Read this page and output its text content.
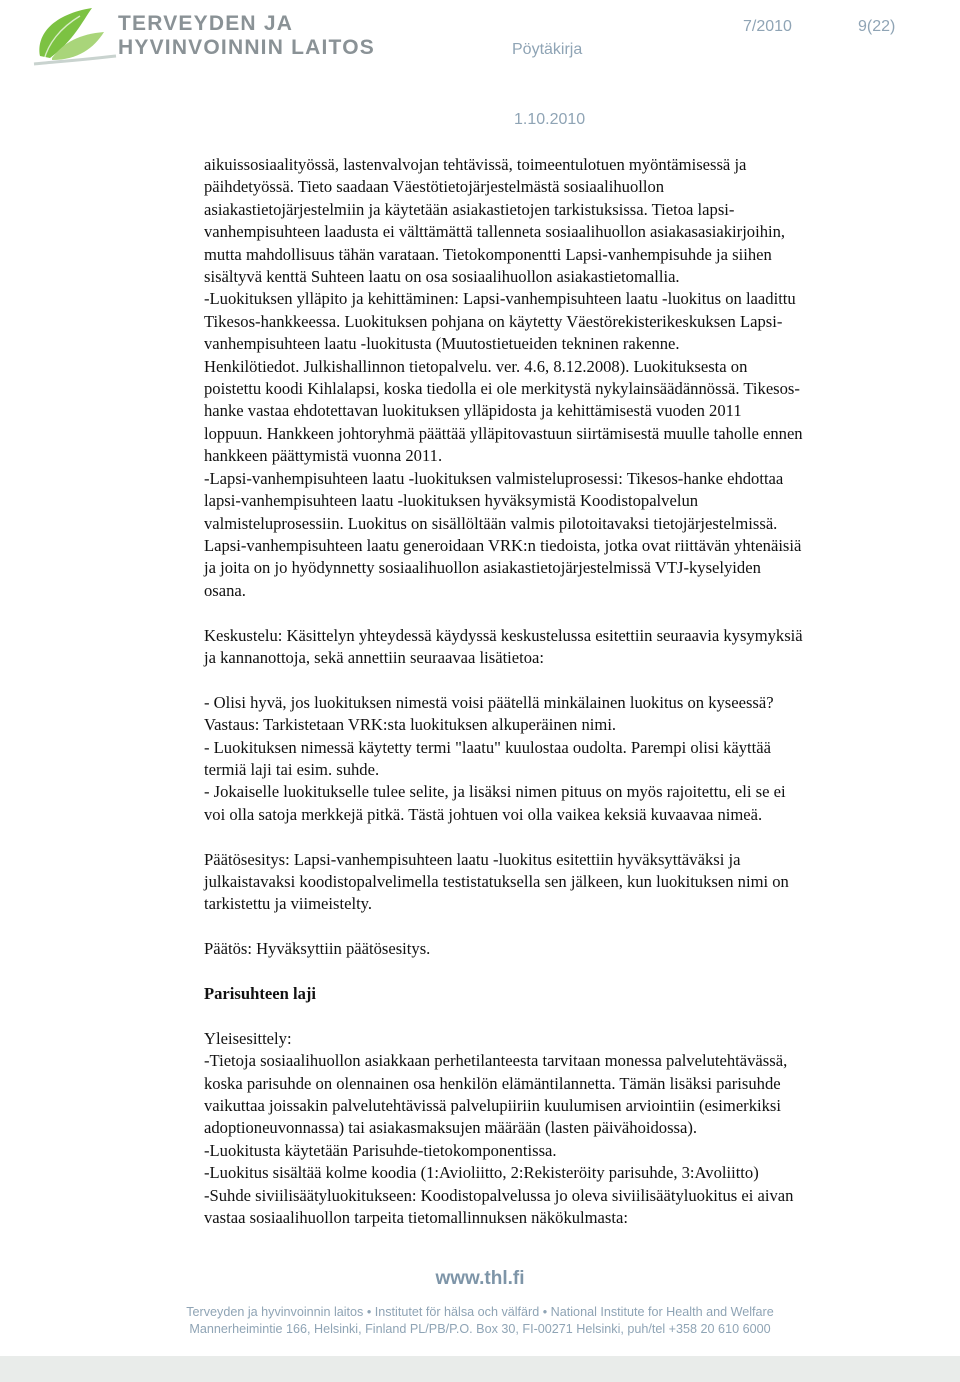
TERVEYDEN JA
HYVINVOINNIN LAITOS	Pöytäkirja
7/2010	9(22)
1.10.2010

aikuissosiaalityössä, lastenvalvojan tehtävissä, toimeentulotuen myöntämisessä ja

päihdetyössä. Tieto saadaan Väestötietojärjestelmästä sosiaalihuollon

asiakastietojärjestelmiin ja käytetään asiakastietojen tarkistuksissa. Tietoa lapsi-

vanhempisuhteen laadusta ei välttämättä tallenneta sosiaalihuollon asiakasasiakirjoihin,

mutta mahdollisuus tähän varataan. Tietokomponentti Lapsi-vanhempisuhde ja siihen

sisältyvä kenttä Suhteen laatu on osa sosiaalihuollon asiakastietomallia.

-Luokituksen ylläpito ja kehittäminen: Lapsi-vanhempisuhteen laatu -luokitus on laadittu

Tikesos-hankkeessa. Luokituksen pohjana on käytetty Väestörekisterikeskuksen Lapsi-

vanhempisuhteen laatu -luokitusta (Muutostietueiden tekninen rakenne.

Henkilötiedot. Julkishallinnon tietopalvelu. ver. 4.6, 8.12.2008). Luokituksesta on

poistettu koodi Kihlalapsi, koska tiedolla ei ole merkitystä nykylainsäädännössä. Tikesos-

hanke vastaa ehdotettavan luokituksen ylläpidosta ja kehittämisestä vuoden 2011

loppuun. Hankkeen johtoryhmä päättää ylläpitovastuun siirtämisestä muulle taholle ennen

hankkeen päättymistä vuonna 2011.

-Lapsi-vanhempisuhteen laatu -luokituksen valmisteluprosessi: Tikesos-hanke ehdottaa

lapsi-vanhempisuhteen laatu -luokituksen hyväksymistä Koodistopalvelun

valmisteluprosessiin. Luokitus on sisällöltään valmis pilotoitavaksi tietojärjestelmissä.

Lapsi-vanhempisuhteen laatu generoidaan VRK:n tiedoista, jotka ovat riittävän yhtenäisiä

ja joita on jo hyödynnetty sosiaalihuollon asiakastietojärjestelmissä VTJ-kyselyiden

osana.

Keskustelu: Käsittelyn yhteydessä käydyssä keskustelussa esitettiin seuraavia kysymyksiä

ja kannanottoja, sekä annettiin seuraavaa lisätietoa:

- Olisi hyvä, jos luokituksen nimestä voisi päätellä minkälainen luokitus on kyseessä?

Vastaus: Tarkistetaan VRK:sta luokituksen alkuperäinen nimi.

- Luokituksen nimessä käytetty termi "laatu" kuulostaa oudolta. Parempi olisi käyttää

termiä laji tai esim. suhde.

- Jokaiselle luokitukselle tulee selite, ja lisäksi nimen pituus on myös rajoitettu, eli se ei

voi olla satoja merkkejä pitkä. Tästä johtuen voi olla vaikea keksiä kuvaavaa nimeä.

Päätösesitys: Lapsi-vanhempisuhteen laatu -luokitus esitettiin hyväksyttäväksi ja

julkaistavaksi koodistopalvelimella testistatuksella sen jälkeen, kun luokituksen nimi on

tarkistettu ja viimeistelty.

Päätös: Hyväksyttiin päätösesitys.

Parisuhteen laji

Yleisesittely:

-Tietoja sosiaalihuollon asiakkaan perhetilanteesta tarvitaan monessa palvelutehtävässä,

koska parisuhde on olennainen osa henkilön elämäntilannetta. Tämän lisäksi parisuhde

vaikuttaa joissakin palvelutehtävissä palvelupiiriin kuulumisen arviointiin (esimerkiksi

adoptioneuvonnassa) tai asiakasmaksujen määrään (lasten päivähoidossa).

-Luokitusta käytetään Parisuhde-tietokomponentissa.

-Luokitus sisältää kolme koodia (1:Avioliitto, 2:Rekisteröity parisuhde, 3:Avoliitto)

-Suhde siviilisäätyluokitukseen: Koodistopalvelussa jo oleva siviilisäätyluokitus ei aivan

vastaa sosiaalihuollon tarpeita tietomallinnuksen näkökulmasta:

www.thl.fi
Terveyden ja hyvinvoinnin laitos • Institutet för hälsa och välfärd • National Institute for Health and Welfare
Mannerheimintie 166, Helsinki, Finland PL/PB/P.O. Box 30, FI-00271 Helsinki, puh/tel +358 20 610 6000
